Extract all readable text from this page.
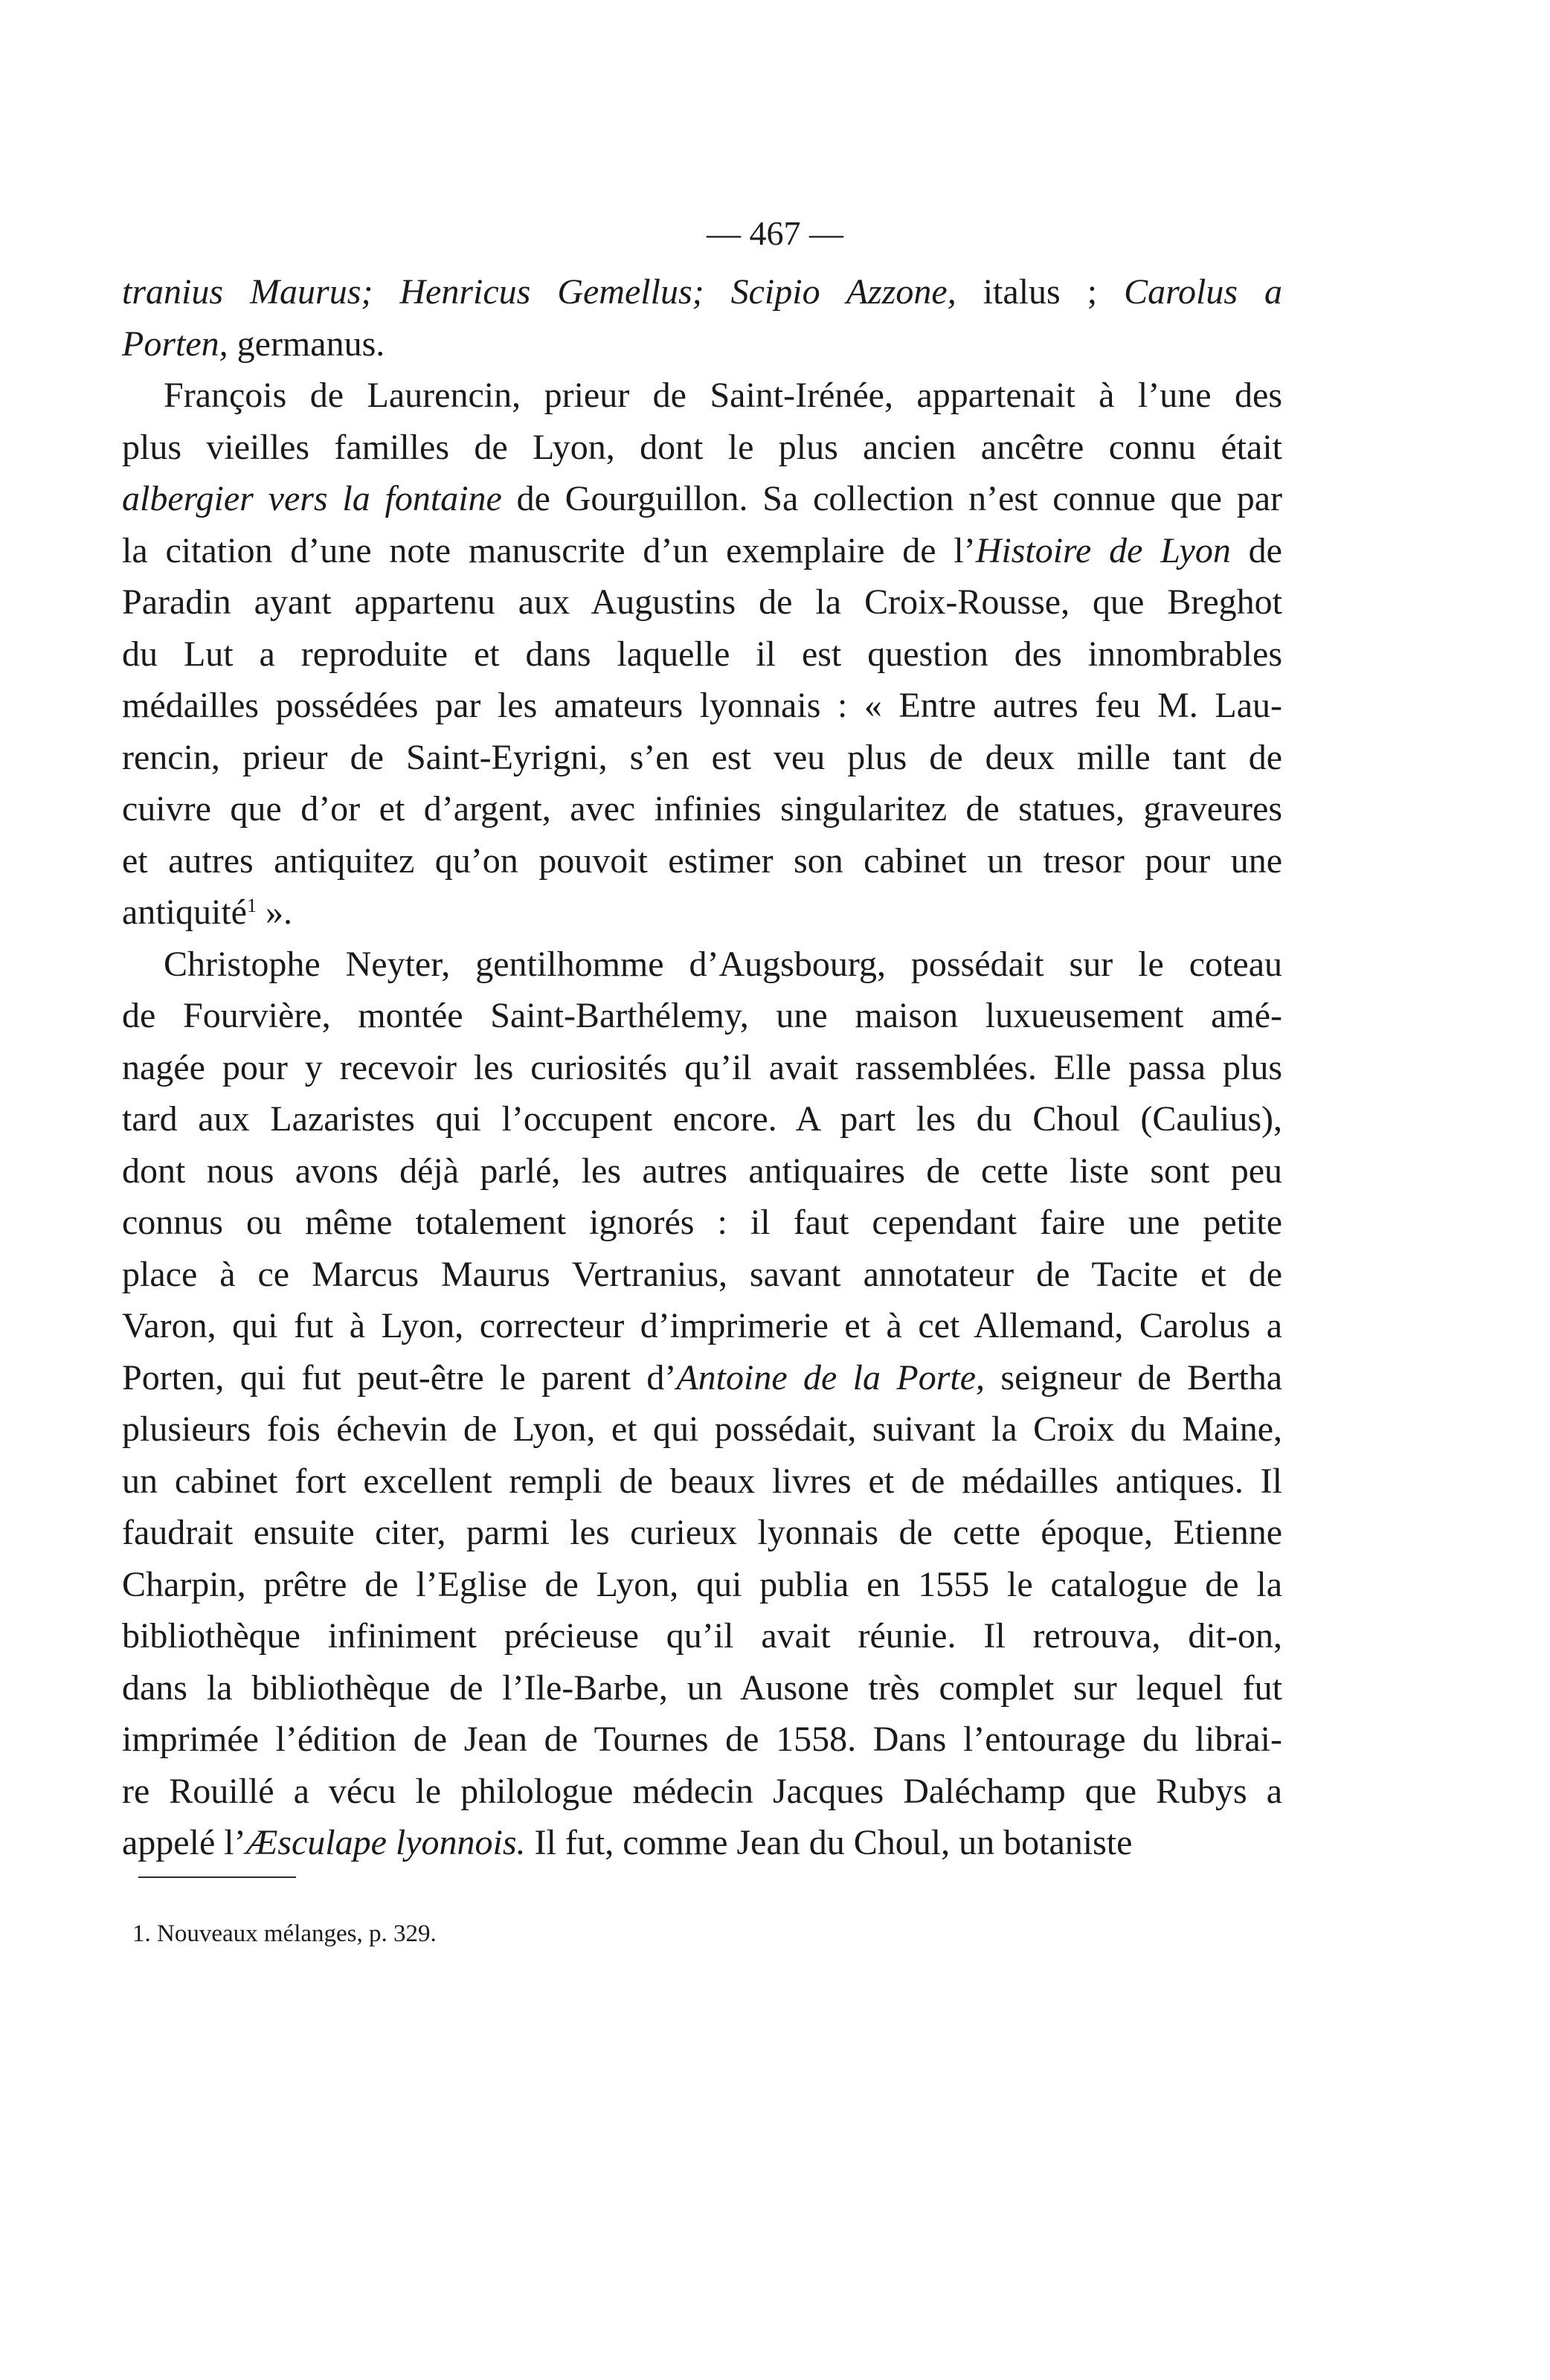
— 467 —
tranius Maurus; Henricus Gemellus; Scipio Azzone, italus ; Carolus a
Porten, germanus.
François de Laurencin, prieur de Saint-Irénée, appartenait à l’une des
plus vieilles familles de Lyon, dont le plus ancien ancêtre connu était
albergier vers la fontaine de Gourguillon. Sa collection n’est connue que par
la citation d’une note manuscrite d’un exemplaire de l’Histoire de Lyon de
Paradin ayant appartenu aux Augustins de la Croix-Rousse, que Breghot
du Lut a reproduite et dans laquelle il est question des innombrables
médailles possédées par les amateurs lyonnais : « Entre autres feu M. Lau-
rencin, prieur de Saint-Eyrigni, s’en est veu plus de deux mille tant de
cuivre que d’or et d’argent, avec infinies singularitez de statues, graveures
et autres antiquitez qu’on pouvoit estimer son cabinet un tresor pour une
antiquité$^1$ ».
Christophe Neyter, gentilhomme d’Augsbourg, possédait sur le coteau
de Fourvière, montée Saint-Barthélemy, une maison luxueusement amé-
nagée pour y recevoir les curiosités qu’il avait rassemblées. Elle passa plus
tard aux Lazaristes qui l’occupent encore. A part les du Choul (Caulius),
dont nous avons déjà parlé, les autres antiquaires de cette liste sont peu
connus ou même totalement ignorés : il faut cependant faire une petite
place à ce Marcus Maurus Vertranius, savant annotateur de Tacite et de
Varon, qui fut à Lyon, correcteur d’imprimerie et à cet Allemand, Carolus a
Porten, qui fut peut-être le parent d’Antoine de la Porte, seigneur de Bertha
plusieurs fois échevin de Lyon, et qui possédait, suivant la Croix du Maine,
un cabinet fort excellent rempli de beaux livres et de médailles antiques. Il
faudrait ensuite citer, parmi les curieux lyonnais de cette époque, Etienne
Charpin, prêtre de l’Eglise de Lyon, qui publia en 1555 le catalogue de la
bibliothèque infiniment précieuse qu’il avait réunie. Il retrouva, dit-on,
dans la bibliothèque de l’Ile-Barbe, un Ausone très complet sur lequel fut
imprimée l’édition de Jean de Tournes de 1558. Dans l’entourage du librai-
re Rouillé a vécu le philologue médecin Jacques Daléchamp que Rubys a
appelé l’Æsculape lyonnois. Il fut, comme Jean du Choul, un botaniste
1. Nouveaux mélanges, p. 329.
